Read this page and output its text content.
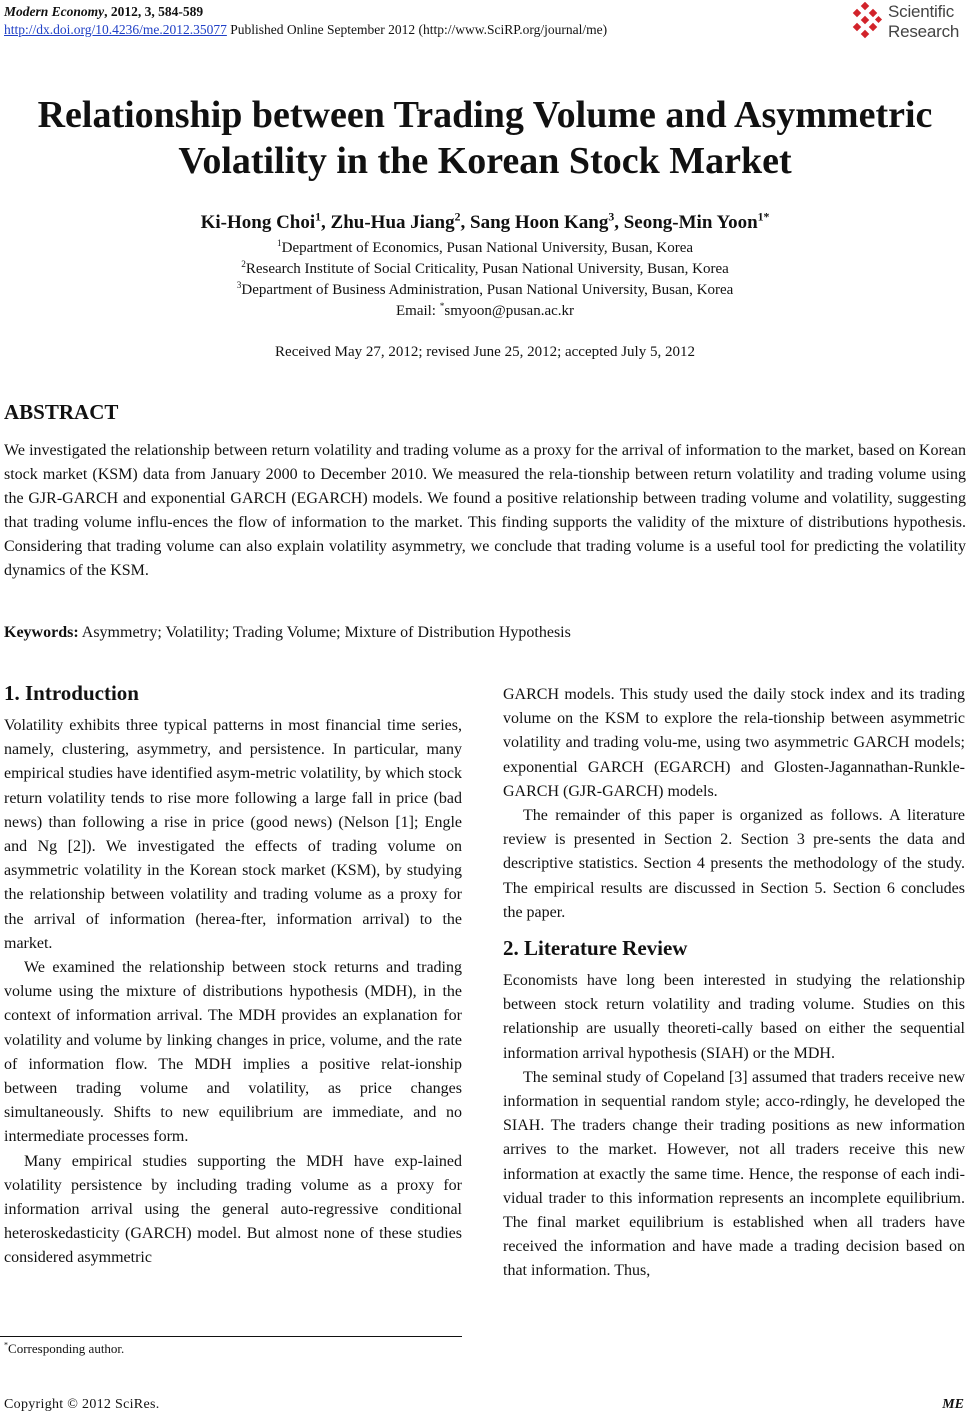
Modern Economy, 2012, 3, 584-589
http://dx.doi.org/10.4236/me.2012.35077 Published Online September 2012 (http://www.SciRP.org/journal/me)
Scientific
Research
Relationship between Trading Volume and Asymmetric
Volatility in the Korean Stock Market
Ki-Hong Choi$^1$, Zhu-Hua Jiang$^2$, Sang Hoon Kang$^3$, Seong-Min Yoon$^{1*}$
$^1$Department of Economics, Pusan National University, Busan, Korea
$^2$Research Institute of Social Criticality, Pusan National University, Busan, Korea
$^3$Department of Business Administration, Pusan National University, Busan, Korea
Email: *smyoon@pusan.ac.kr
Received May 27, 2012; revised June 25, 2012; accepted July 5, 2012
ABSTRACT
We investigated the relationship between return volatility and trading volume as a proxy for the arrival of information to the market, based on Korean stock market (KSM) data from January 2000 to December 2010. We measured the rela-tionship between return volatility and trading volume using the GJR-GARCH and exponential GARCH (EGARCH) models. We found a positive relationship between trading volume and volatility, suggesting that trading volume influ-ences the flow of information to the market. This finding supports the validity of the mixture of distributions hypothesis. Considering that trading volume can also explain volatility asymmetry, we conclude that trading volume is a useful tool for predicting the volatility dynamics of the KSM.
Keywords: Asymmetry; Volatility; Trading Volume; Mixture of Distribution Hypothesis
1. Introduction

Volatility exhibits three typical patterns in most financial time series, namely, clustering, asymmetry, and persistence. In particular, many empirical studies have identified asym-metric volatility, by which stock return volatility tends to rise more following a large fall in price (bad news) than following a rise in price (good news) (Nelson [1]; Engle and Ng [2]). We investigated the effects of trading volume on asymmetric volatility in the Korean stock market (KSM), by studying the relationship between volatility and trading volume as a proxy for the arrival of information (herea-fter, information arrival) to the market.

We examined the relationship between stock returns and trading volume using the mixture of distributions hypothesis (MDH), in the context of information arrival. The MDH provides an explanation for volatility and volume by linking changes in price, volume, and the rate of information flow. The MDH implies a positive relat-ionship between trading volume and volatility, as price changes simultaneously. Shifts to new equilibrium are immediate, and no intermediate processes form.

Many empirical studies supporting the MDH have exp-lained volatility persistence by including trading volume as a proxy for information arrival using the general auto-regressive conditional heteroskedasticity (GARCH) model. But almost none of these studies considered asymmetric

GARCH models. This study used the daily stock index and its trading volume on the KSM to explore the rela-tionship between asymmetric volatility and trading volu-me, using two asymmetric GARCH models; exponential GARCH (EGARCH) and Glosten-Jagannathan-Runkle-GARCH (GJR-GARCH) models.

The remainder of this paper is organized as follows. A literature review is presented in Section 2. Section 3 pre-sents the data and descriptive statistics. Section 4 presents the methodology of the study. The empirical results are discussed in Section 5. Section 6 concludes the paper.

2. Literature Review

Economists have long been interested in studying the relationship between stock return volatility and trading volume. Studies on this relationship are usually theoreti-cally based on either the sequential information arrival hypothesis (SIAH) or the MDH.

The seminal study of Copeland [3] assumed that traders receive new information in sequential random style; acco-rdingly, he developed the SIAH. The traders change their trading positions as new information arrives to the market. However, not all traders receive this new information at exactly the same time. Hence, the response of each indi-vidual trader to this information represents an incomplete equilibrium. The final market equilibrium is established when all traders have received the information and have made a trading decision based on that information. Thus,

*Corresponding author.
Copyright © 2012 SciRes.	ME
